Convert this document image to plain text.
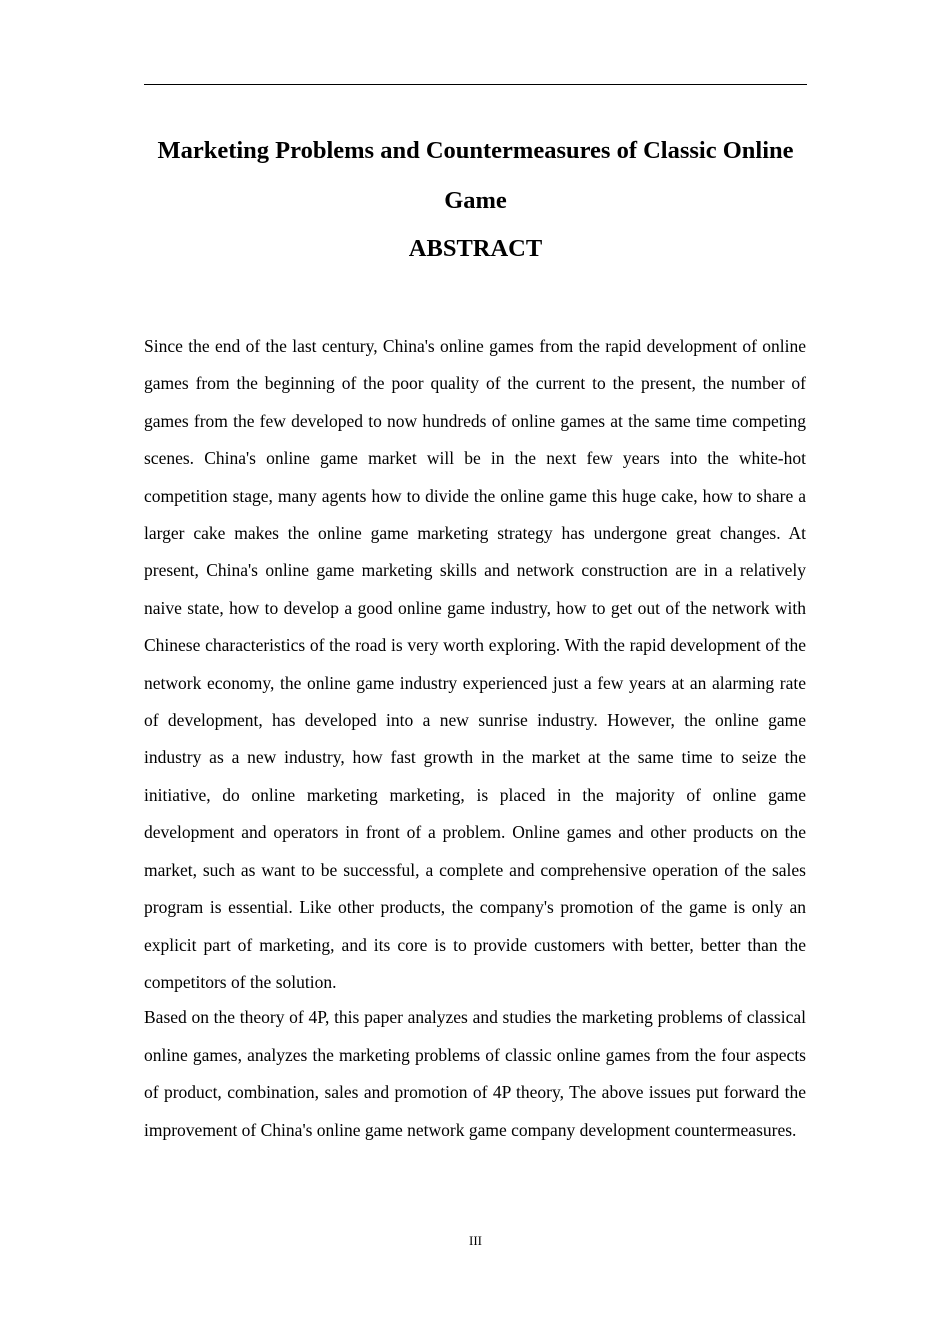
Marketing Problems and Countermeasures of Classic Online Game
ABSTRACT

Since the end of the last century, China's online games from the rapid development of online games from the beginning of the poor quality of the current to the present, the number of games from the few developed to now hundreds of online games at the same time competing scenes. China's online game market will be in the next few years into the white-hot competition stage, many agents how to divide the online game this huge cake, how to share a larger cake makes the online game marketing strategy has undergone great changes. At present, China's online game marketing skills and network construction are in a relatively naive state, how to develop a good online game industry, how to get out of the network with Chinese characteristics of the road is very worth exploring. With the rapid development of the network economy, the online game industry experienced just a few years at an alarming rate of development, has developed into a new sunrise industry. However, the online game industry as a new industry, how fast growth in the market at the same time to seize the initiative, do online marketing marketing, is placed in the majority of online game development and operators in front of a problem. Online games and other products on the market, such as want to be successful, a complete and comprehensive operation of the sales program is essential. Like other products, the company's promotion of the game is only an explicit part of marketing, and its core is to provide customers with better, better than the competitors of the solution.

Based on the theory of 4P, this paper analyzes and studies the marketing problems of classical online games, analyzes the marketing problems of classic online games from the four aspects of product, combination, sales and promotion of 4P theory, The above issues put forward the improvement of China's online game network game company development countermeasures.

III
